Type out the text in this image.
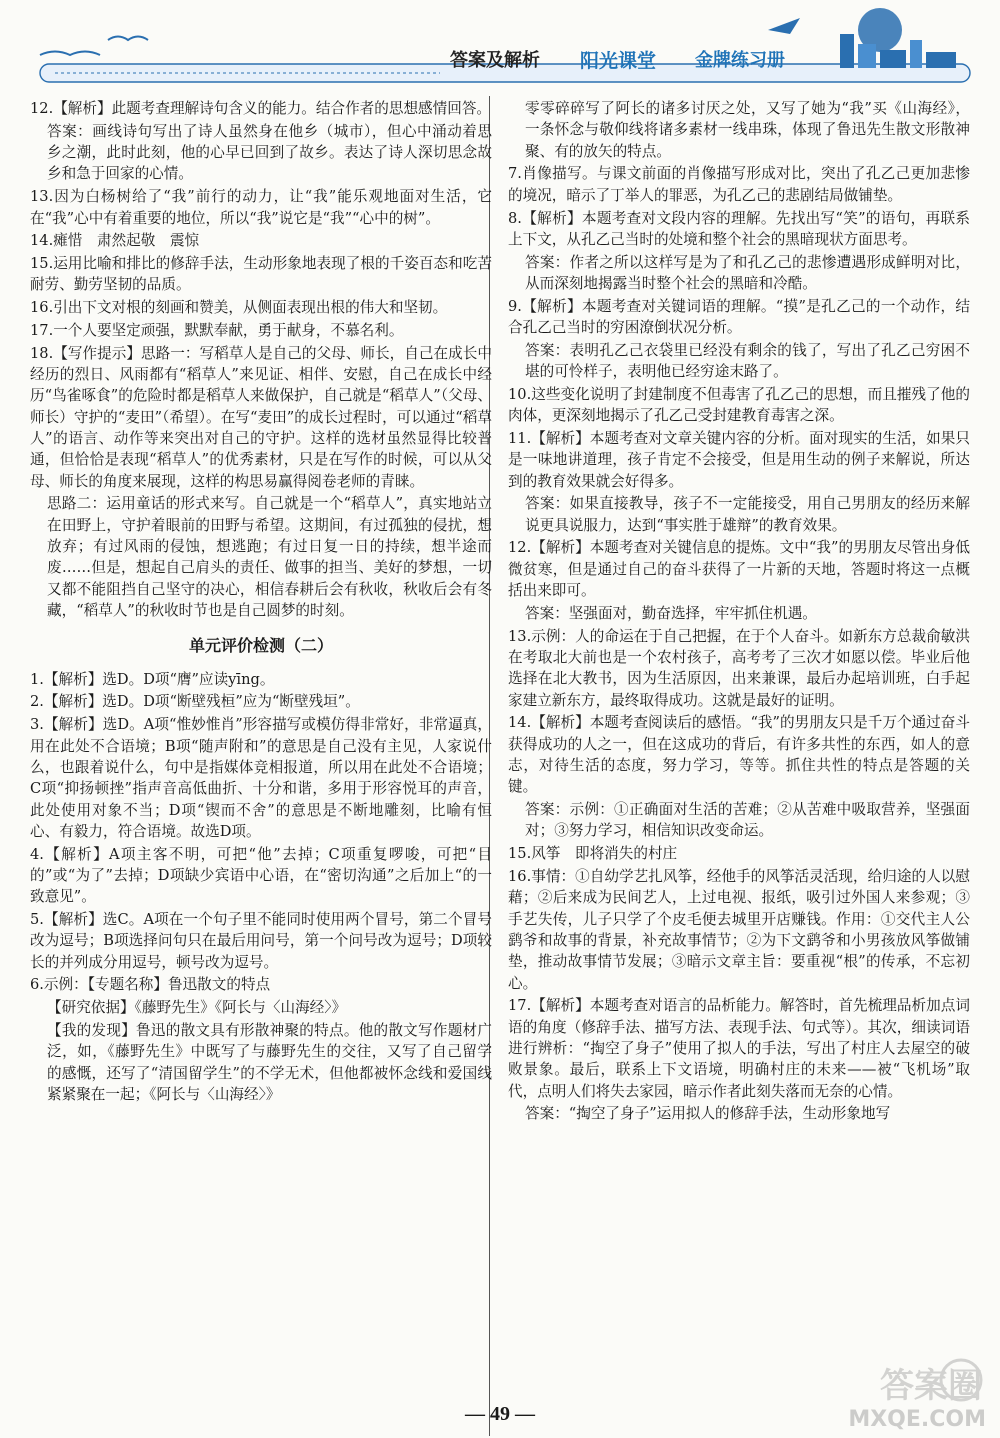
答案及解析 阳光课堂 金牌练习册
12.【解析】此题考查理解诗句含义的能力。结合作者的思想感情回答。
答案：画线诗句写出了诗人虽然身在他乡（城市），但心中涌动着思乡之潮，此时此刻，他的心早已回到了故乡。表达了诗人深切思念故乡和急于回家的心情。
13.因为白杨树给了“我”前行的动力，让“我”能乐观地面对生活，它在“我”心中有着重要的地位，所以“我”说它是“我”“心中的树”。
14.瘫惜　肃然起敬　震惊
15.运用比喻和排比的修辞手法，生动形象地表现了根的千姿百态和吃苦耐劳、勤劳坚韧的品质。
16.引出下文对根的刻画和赞美，从侧面表现出根的伟大和坚韧。
17.一个人要坚定顽强，默默奉献，勇于献身，不慕名利。
18.【写作提示】思路一：写稻草人是自己的父母、师长，自己在成长中经历的烈日、风雨都有“稻草人”来见证、相伴、安慰，自己在成长中经历“鸟雀啄食”的危险时都是稻草人来做保护，自己就是“稻草人”（父母、师长）守护的“麦田”（希望）。在写“麦田”的成长过程时，可以通过“稻草人”的语言、动作等来突出对自己的守护。这样的选材虽然显得比较普通，但恰恰是表现“稻草人”的优秀素材，只是在写作的时候，可以从父母、师长的角度来展现，这样的构思易赢得阅卷老师的青睐。
思路二：运用童话的形式来写。自己就是一个“稻草人”，真实地站立在田野上，守护着眼前的田野与希望。这期间，有过孤独的侵扰，想放弃；有过风雨的侵蚀，想逃跑；有过日复一日的持续，想半途而废……但是，想起自己肩头的责任、做事的担当、美好的梦想，一切又都不能阻挡自己坚守的决心，相信春耕后会有秋收，秋收后会有冬藏，“稻草人”的秋收时节也是自己圆梦的时刻。
单元评价检测（二）
1.【解析】选D。D项“膺”应读yīng。
2.【解析】选D。D项“断壁残桓”应为“断壁残垣”。
3.【解析】选D。A项“惟妙惟肖”形容描写或模仿得非常好，非常逼真，用在此处不合语境；B项“随声附和”的意思是自己没有主见，人家说什么，也跟着说什么，句中是指媒体竞相报道，所以用在此处不合语境；C项“抑扬顿挫”指声音高低曲折、十分和谐，多用于形容悦耳的声音，此处使用对象不当；D项“锲而不舍”的意思是不断地雕刻，比喻有恒心、有毅力，符合语境。故选D项。
4.【解析】A项主客不明，可把“他”去掉；C项重复啰唆，可把“目的”或“为了”去掉；D项缺少宾语中心语，在“密切沟通”之后加上“的一致意见”。
5.【解析】选C。A项在一个句子里不能同时使用两个冒号，第二个冒号改为逗号；B项选择问句只在最后用问号，第一个问号改为逗号；D项较长的并列成分用逗号，顿号改为逗号。
6.示例：【专题名称】鲁迅散文的特点
【研究依据】《藤野先生》《阿长与〈山海经〉》
【我的发现】鲁迅的散文具有形散神聚的特点。他的散文写作题材广泛，如，《藤野先生》中既写了与藤野先生的交往，又写了自己留学的感慨，还写了“清国留学生”的不学无术，但他都被怀念线和爱国线紧紧聚在一起；《阿长与〈山海经〉》
零零碎碎写了阿长的诸多讨厌之处，又写了她为“我”买《山海经》，一条怀念与敬仰线将诸多素材一线串珠，体现了鲁迅先生散文形散神聚、有的放矢的特点。
7.肖像描写。与课文前面的肖像描写形成对比，突出了孔乙己更加悲惨的境况，暗示了丁举人的罪恶，为孔乙己的悲剧结局做铺垫。
8.【解析】本题考查对文段内容的理解。先找出写“笑”的语句，再联系上下文，从孔乙己当时的处境和整个社会的黑暗现状方面思考。
答案：作者之所以这样写是为了和孔乙己的悲惨遭遇形成鲜明对比，从而深刻地揭露当时整个社会的黑暗和冷酷。
9.【解析】本题考查对关键词语的理解。“摸”是孔乙己的一个动作，结合孔乙己当时的穷困潦倒状况分析。
答案：表明孔乙己衣袋里已经没有剩余的钱了，写出了孔乙己穷困不堪的可怜样子，表明他已经穷途末路了。
10.这些变化说明了封建制度不但毒害了孔乙己的思想，而且摧残了他的肉体，更深刻地揭示了孔乙己受封建教育毒害之深。
11.【解析】本题考查对文章关键内容的分析。面对现实的生活，如果只是一味地讲道理，孩子肯定不会接受，但是用生动的例子来解说，所达到的教育效果就会好得多。
答案：如果直接教导，孩子不一定能接受，用自己男朋友的经历来解说更具说服力，达到“事实胜于雄辩”的教育效果。
12.【解析】本题考查对关键信息的提炼。文中“我”的男朋友尽管出身低微贫寒，但是通过自己的奋斗获得了一片新的天地，答题时将这一点概括出来即可。
答案：坚强面对，勤奋选择，牢牢抓住机遇。
13.示例：人的命运在于自己把握，在于个人奋斗。如新东方总裁俞敏洪在考取北大前也是一个农村孩子，高考考了三次才如愿以偿。毕业后他选择在北大教书，因为生活原因，出来兼课，最后办起培训班，白手起家建立新东方，最终取得成功。这就是最好的证明。
14.【解析】本题考查阅读后的感悟。“我”的男朋友只是千万个通过奋斗获得成功的人之一，但在这成功的背后，有许多共性的东西，如人的意志，对待生活的态度，努力学习，等等。抓住共性的特点是答题的关键。
答案：示例：①正确面对生活的苦难；②从苦难中吸取营养，坚强面对；③努力学习，相信知识改变命运。
15.风筝　即将消失的村庄
16.事情：①自幼学艺扎风筝，经他手的风筝活灵活现，给归途的人以慰藉；②后来成为民间艺人，上过电视、报纸，吸引过外国人来参观；③手艺失传，儿子只学了个皮毛便去城里开店赚钱。作用：①交代主人公鹞爷和故事的背景，补充故事情节；②为下文鹞爷和小男孩放风筝做铺垫，推动故事情节发展；③暗示文章主旨：要重视“根”的传承，不忘初心。
17.【解析】本题考查对语言的品析能力。解答时，首先梳理品析加点词语的角度（修辞手法、描写方法、表现手法、句式等）。其次，细读词语进行辨析：“掏空了身子”使用了拟人的手法，写出了村庄人去屋空的破败景象。最后，联系上下文语境，明确村庄的未来——被“飞机场”取代，点明人们将失去家园，暗示作者此刻失落而无奈的心情。
答案：“掏空了身子”运用拟人的修辞手法，生动形象地写
— 49 —
答案圈
MXQE.COM
